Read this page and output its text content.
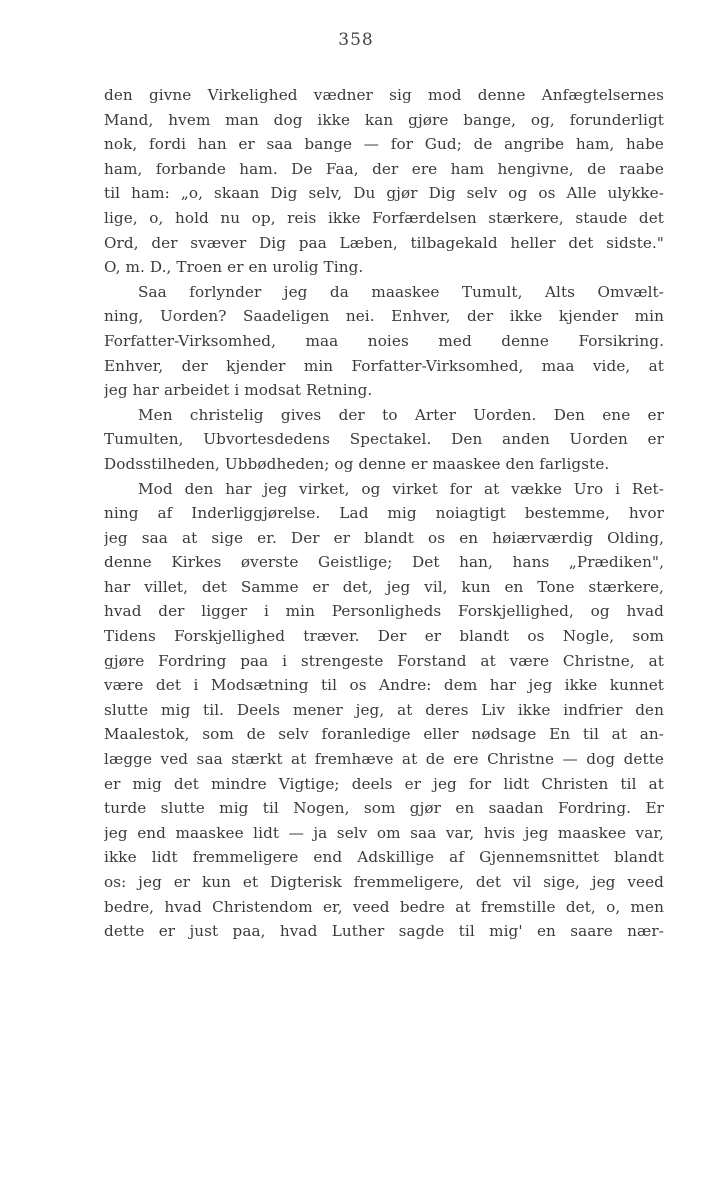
358
den givne Virkelighed vædner sig mod denne Anfægtelsernes
Mand, hvem man dog ikke kan gjøre bange, og, forunderligt
nok, fordi han er saa bange — for Gud; de angribe ham, habe
ham, forbande ham. De Faa, der ere ham hengivne, de raabe
til ham: „o, skaan Dig selv, Du gjør Dig selv og os Alle ulykke-
lige, o, hold nu op, reis ikke Forfærdelsen stærkere, staude det
Ord, der svæver Dig paa Læben, tilbagekald heller det sidste."
O, m. D., Troen er en urolig Ting.
Saa forlynder jeg da maaskee Tumult, Alts Omvælt-
ning, Uorden? Saadeligen nei. Enhver, der ikke kjender min
Forfatter-Virksomhed, maa noies med denne Forsikring.
Enhver, der kjender min Forfatter-Virksomhed, maa vide, at
jeg har arbeidet i modsat Retning.
Men christelig gives der to Arter Uorden. Den ene er
Tumulten, Ubvortesdedens Spectakel. Den anden Uorden er
Dodsstilheden, Ubbødheden; og denne er maaskee den farligste.
Mod den har jeg virket, og virket for at vække Uro i Ret-
ning af Inderliggjørelse. Lad mig noiagtigt bestemme, hvor
jeg saa at sige er. Der er blandt os en høiærværdig Olding,
denne Kirkes øverste Geistlige; Det han, hans „Prædiken",
har villet, det Samme er det, jeg vil, kun en Tone stærkere,
hvad der ligger i min Personligheds Forskjellighed, og hvad
Tidens Forskjellighed træver. Der er blandt os Nogle, som
gjøre Fordring paa i strengeste Forstand at være Christne, at
være det i Modsætning til os Andre: dem har jeg ikke kunnet
slutte mig til. Deels mener jeg, at deres Liv ikke indfrier den
Maalestok, som de selv foranledige eller nødsage En til at an-
lægge ved saa stærkt at fremhæve at de ere Christne — dog dette
er mig det mindre Vigtige; deels er jeg for lidt Christen til at
turde slutte mig til Nogen, som gjør en saadan Fordring. Er
jeg end maaskee lidt — ja selv om saa var, hvis jeg maaskee var,
ikke lidt fremmeligere end Adskillige af Gjennemsnittet blandt
os: jeg er kun et Digterisk fremmeligere, det vil sige, jeg veed
bedre, hvad Christendom er, veed bedre at fremstille det, o, men
dette er just paa, hvad Luther sagde til mig' en saare nær-
